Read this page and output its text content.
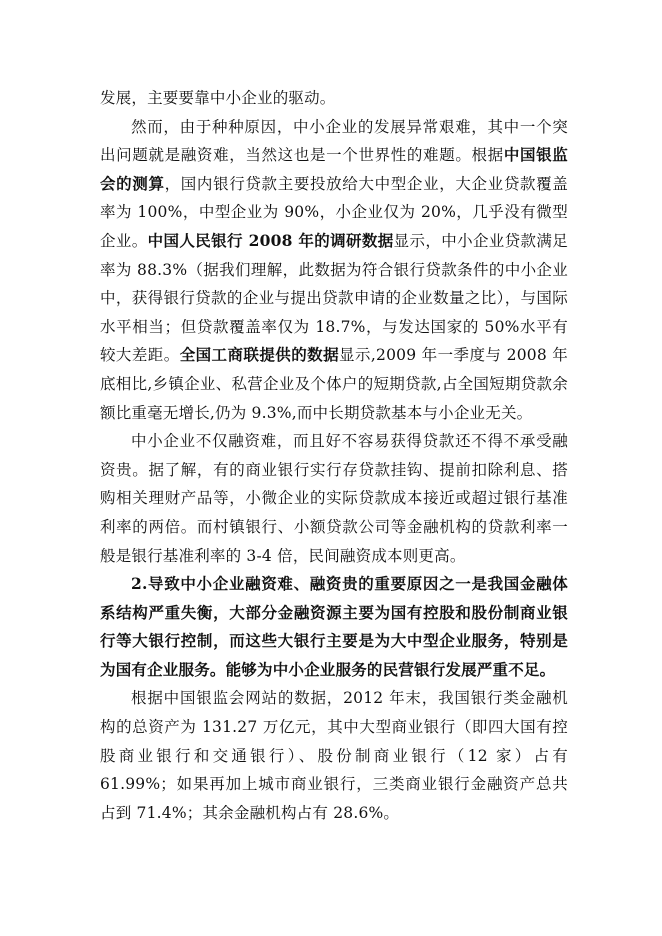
发展，主要要靠中小企业的驱动。

然而，由于种种原因，中小企业的发展异常艰难，其中一个突出问题就是融资难，当然这也是一个世界性的难题。根据中国银监会的测算，国内银行贷款主要投放给大中型企业，大企业贷款覆盖率为 100%，中型企业为 90%，小企业仅为 20%，几乎没有微型企业。中国人民银行 2008 年的调研数据显示，中小企业贷款满足率为 88.3%（据我们理解，此数据为符合银行贷款条件的中小企业中，获得银行贷款的企业与提出贷款申请的企业数量之比），与国际水平相当；但贷款覆盖率仅为 18.7%，与发达国家的 50%水平有较大差距。全国工商联提供的数据显示,2009 年一季度与 2008 年底相比,乡镇企业、私营企业及个体户的短期贷款,占全国短期贷款余额比重毫无增长,仍为 9.3%,而中长期贷款基本与小企业无关。

中小企业不仅融资难，而且好不容易获得贷款还不得不承受融资贵。据了解，有的商业银行实行存贷款挂钩、提前扣除利息、搭购相关理财产品等，小微企业的实际贷款成本接近或超过银行基准利率的两倍。而村镇银行、小额贷款公司等金融机构的贷款利率一般是银行基准利率的 3-4 倍，民间融资成本则更高。

2.导致中小企业融资难、融资贵的重要原因之一是我国金融体系结构严重失衡，大部分金融资源主要为国有控股和股份制商业银行等大银行控制，而这些大银行主要是为大中型企业服务，特别是为国有企业服务。能够为中小企业服务的民营银行发展严重不足。

根据中国银监会网站的数据，2012 年末，我国银行类金融机构的总资产为 131.27 万亿元，其中大型商业银行（即四大国有控股商业银行和交通银行）、股份制商业银行（12 家）占有 61.99%；如果再加上城市商业银行，三类商业银行金融资产总共占到 71.4%；其余金融机构占有 28.6%。
